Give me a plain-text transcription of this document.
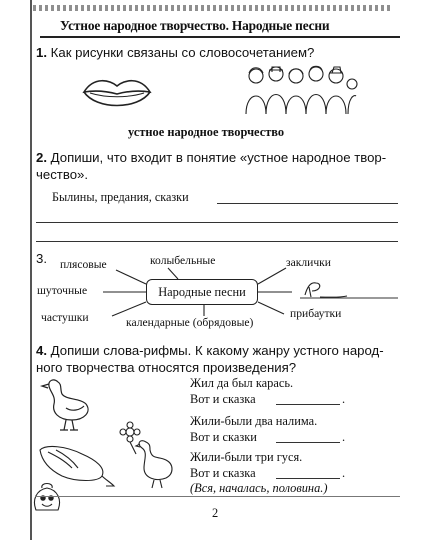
Устное народное творчество. Народные песни
1. Как рисунки связаны со словосочетанием?
устное народное творчество
2. Допиши, что входит в понятие «устное народное твор-
чество».
Былины, предания, сказки
3. плясовые	колыбельные	заклички
шуточные	Народные песни
частушки	календарные (обрядовые)
прибаутки
4. Допиши слова-рифмы. К какому жанру устного народ-
ного творчества относятся произведения?
Жил да был карась.
Вот и сказка	.
Жили-были два налима.
Вот и сказки	.
Жили-были три гуся.
Вот и сказка	.
(Вся, началась, половина.)
2
